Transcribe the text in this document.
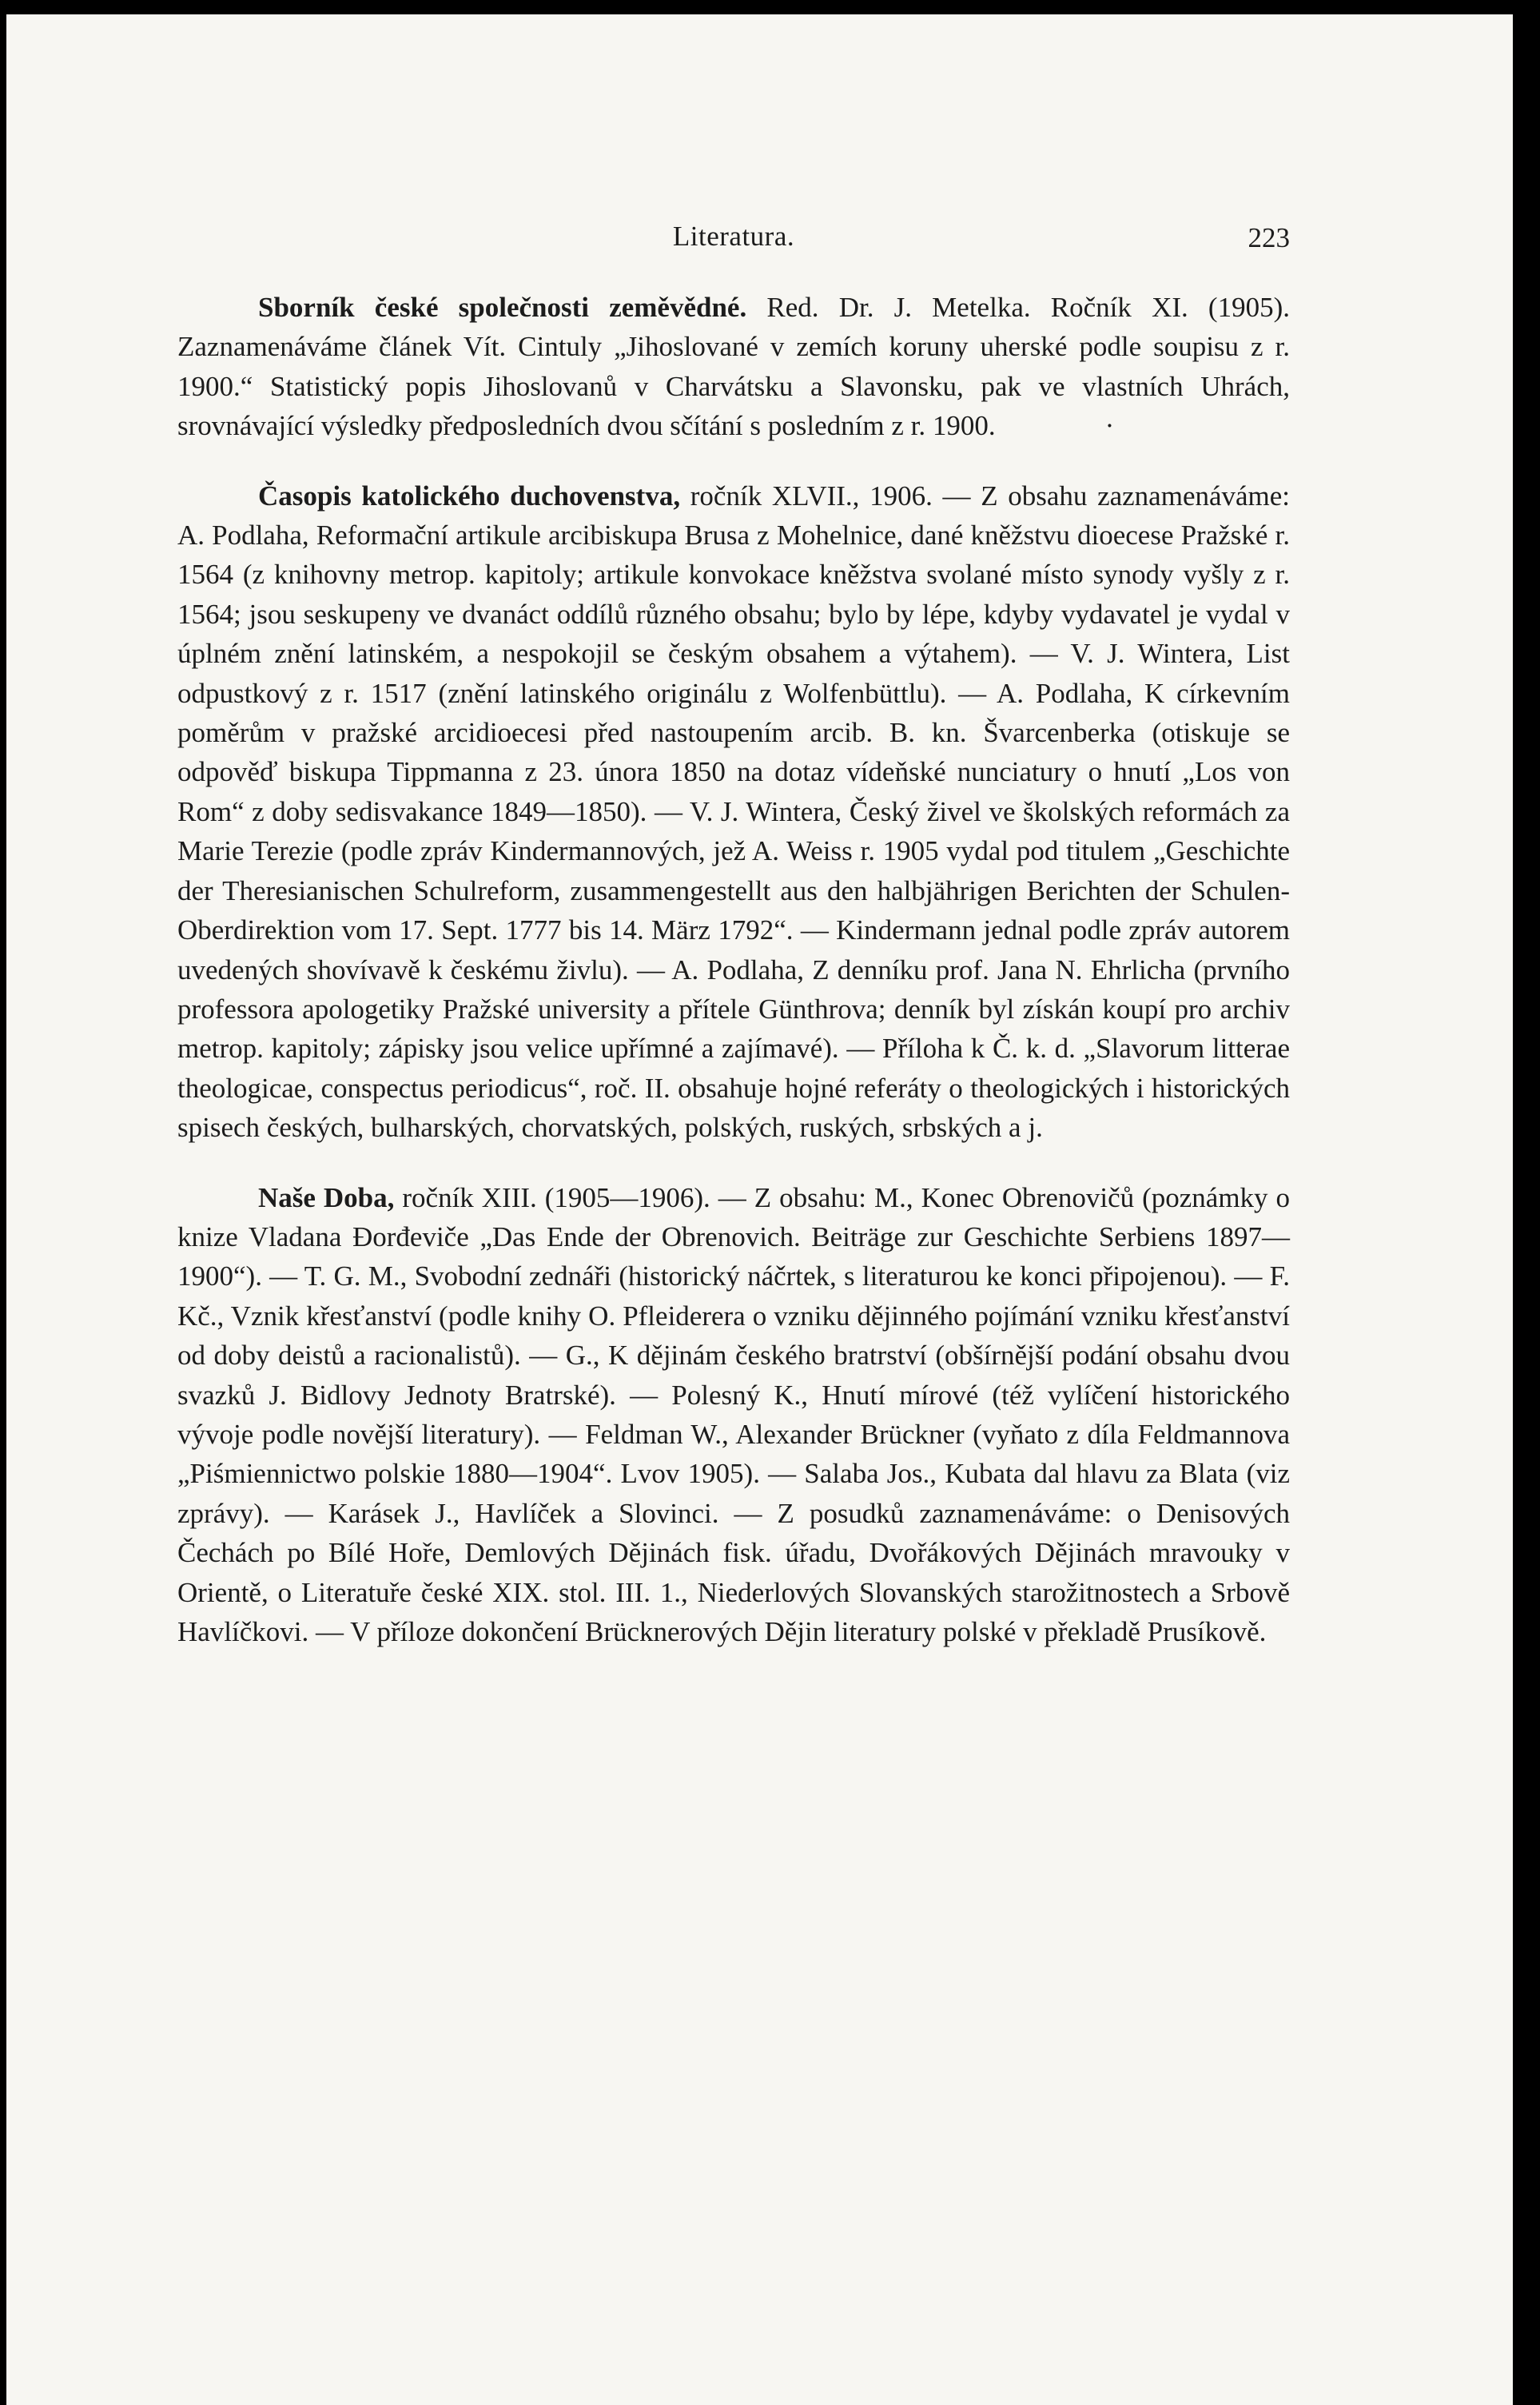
Literatura.	223

Sborník české společnosti zeměvědné. Red. Dr. J. Metelka. Ročník XI. (1905). Zaznamenáváme článek Vít. Cintuly „Jihoslované v zemích koruny uherské podle soupisu z r. 1900.“ Statistický popis Jihoslovanů v Charvátsku a Slavonsku, pak ve vlastních Uhrách, srovnávající výsledky předposledních dvou sčítání s posledním z r. 1900.	·

Časopis katolického duchovenstva, ročník XLVII., 1906. — Z obsahu zaznamenáváme: A. Podlaha, Reformační artikule arcibiskupa Brusa z Mohelnice, dané kněžstvu dioecese Pražské r. 1564 (z knihovny metrop. kapitoly; artikule konvokace kněžstva svolané místo synody vyšly z r. 1564; jsou seskupeny ve dvanáct oddílů různého obsahu; bylo by lépe, kdyby vydavatel je vydal v úplném znění latinském, a nespokojil se českým obsahem a výtahem). — V. J. Wintera, List odpustkový z r. 1517 (znění latinského originálu z Wolfenbüttlu). — A. Podlaha, K církevním poměrům v pražské arcidioecesi před nastoupením arcib. B. kn. Švarcenberka (otiskuje se odpověď biskupa Tippmanna z 23. února 1850 na dotaz vídeňské nunciatury o hnutí „Los von Rom“ z doby sedisvakance 1849—1850). — V. J. Wintera, Český živel ve školských reformách za Marie Terezie (podle zpráv Kindermannových, jež A. Weiss r. 1905 vydal pod titulem „Geschichte der Theresianischen Schulreform, zusammengestellt aus den halbjährigen Berichten der Schulen-Oberdirektion vom 17. Sept. 1777 bis 14. März 1792“. — Kindermann jednal podle zpráv autorem uvedených shovívavě k českému živlu). — A. Podlaha, Z denníku prof. Jana N. Ehrlicha (prvního professora apologetiky Pražské university a přítele Günthrova; denník byl získán koupí pro archiv metrop. kapitoly; zápisky jsou velice upřímné a zajímavé). — Příloha k Č. k. d. „Slavorum litterae theologicae, conspectus periodicus“, roč. II. obsahuje hojné referáty o theologických i historických spisech českých, bulharských, chorvatských, polských, ruských, srbských a j.

Naše Doba, ročník XIII. (1905—1906). — Z obsahu: M., Konec Obrenovičů (poznámky o knize Vladana Đorđeviče „Das Ende der Obrenovich. Beiträge zur Geschichte Serbiens 1897—1900“). — T. G. M., Svobodní zednáři (historický náčrtek, s literaturou ke konci připojenou). — F. Kč., Vznik křesťanství (podle knihy O. Pfleiderera o vzniku dějinného pojímání vzniku křesťanství od doby deistů a racionalistů). — G., K dějinám českého bratrství (obšírnější podání obsahu dvou svazků J. Bidlovy Jednoty Bratrské). — Polesný K., Hnutí mírové (též vylíčení historického vývoje podle novější literatury). — Feldman W., Alexander Brückner (vyňato z díla Feldmannova „Piśmiennictwo polskie 1880—1904“. Lvov 1905). — Salaba Jos., Kubata dal hlavu za Blata (viz zprávy). — Karásek J., Havlíček a Slovinci. — Z posudků zaznamenáváme: o Denisových Čechách po Bílé Hoře, Demlových Dějinách fisk. úřadu, Dvořákových Dějinách mravouky v Orientě, o Literatuře české XIX. stol. III. 1., Niederlových Slovanských starožitnostech a Srbově Havlíčkovi. — V příloze dokončení Brücknerových Dějin literatury polské v překladě Prusíkově.
